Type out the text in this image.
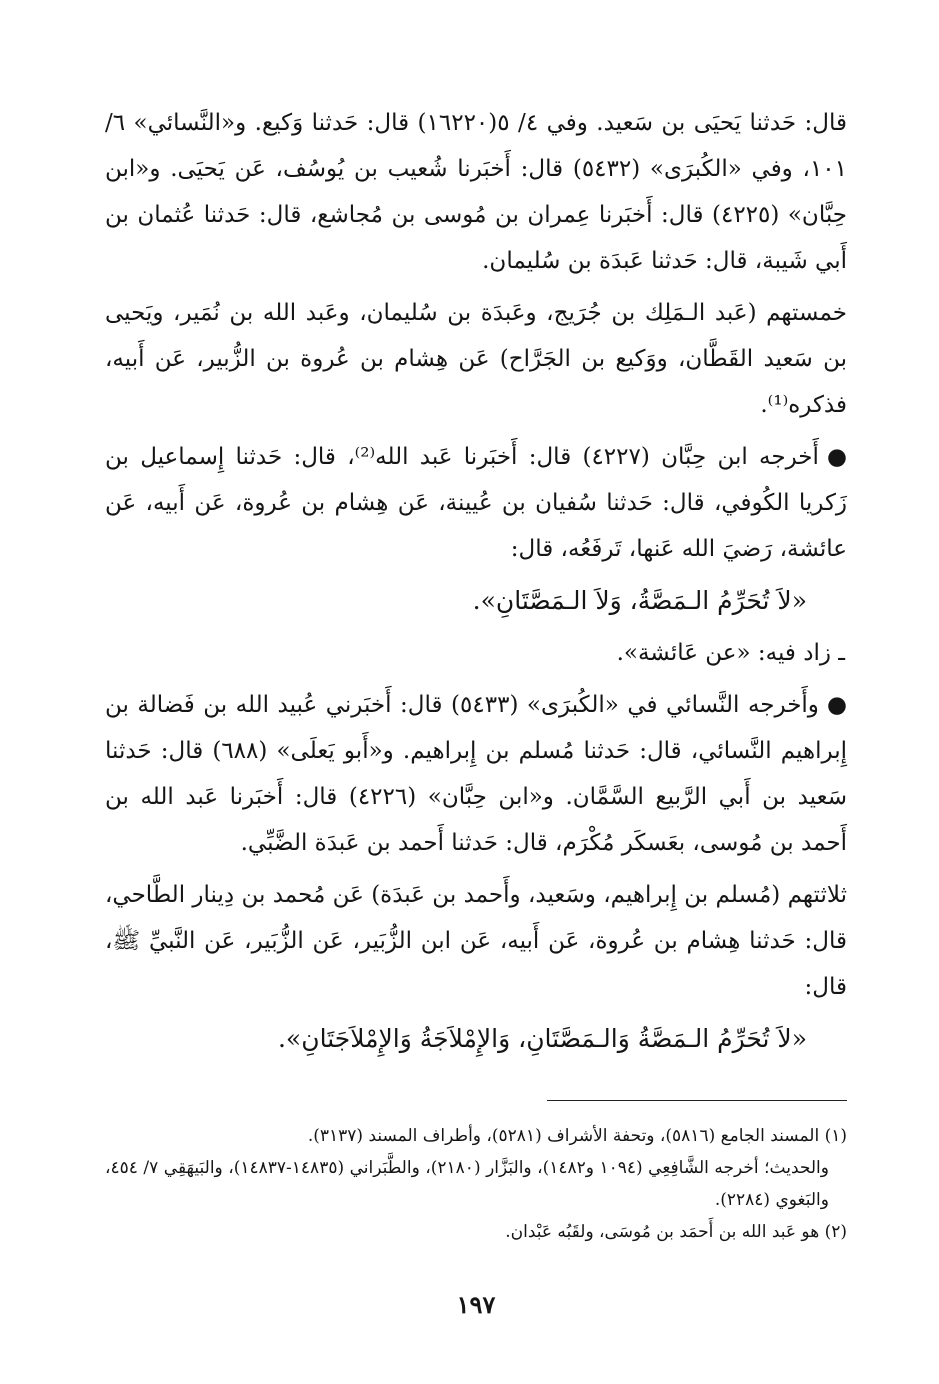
قال: حَدثنا يَحيَى بن سَعيد. وفي ٤/ ٥(١٦٢٢٠) قال: حَدثنا وَكيع. و«النَّسائي» ٦/ ١٠١، وفي «الكُبرَى» (٥٤٣٢) قال: أَخبَرنا شُعيب بن يُوسُف، عَن يَحيَى. و«ابن حِبَّان» (٤٢٢٥) قال: أَخبَرنا عِمران بن مُوسى بن مُجاشع، قال: حَدثنا عُثمان بن أَبي شَيبة، قال: حَدثنا عَبدَة بن سُليمان.

خمستهم (عَبد الـمَلِك بن جُرَيج، وعَبدَة بن سُليمان، وعَبد الله بن نُمَير، ويَحيى بن سَعيد القَطَّان، ووَكيع بن الجَرَّاح) عَن هِشام بن عُروة بن الزُّبير، عَن أَبيه، فذكره⁽¹⁾.

●أَخرجه ابن حِبَّان (٤٢٢٧) قال: أَخبَرنا عَبد الله⁽²⁾، قال: حَدثنا إِسماعيل بن زَكريا الكُوفي، قال: حَدثنا سُفيان بن عُيينة، عَن هِشام بن عُروة، عَن أَبيه، عَن عائشة، رَضيَ الله عَنها، تَرفَعُه، قال:

«لاَ تُحَرِّمُ الـمَصَّةُ، وَلاَ الـمَصَّتَانِ».

ـ زاد فيه: «عن عَائشة».

●وأَخرجه النَّسائي في «الكُبرَى» (٥٤٣٣) قال: أَخبَرني عُبيد الله بن فَضالة بن إِبراهيم النَّسائي، قال: حَدثنا مُسلم بن إِبراهيم. و«أَبو يَعلَى» (٦٨٨) قال: حَدثنا سَعيد بن أَبي الرَّبيع السَّمَّان. و«ابن حِبَّان» (٤٢٢٦) قال: أَخبَرنا عَبد الله بن أَحمد بن مُوسى، بعَسكَر مُكْرَم، قال: حَدثنا أَحمد بن عَبدَة الضَّبِّي.

ثلاثتهم (مُسلم بن إِبراهيم، وسَعيد، وأَحمد بن عَبدَة) عَن مُحمد بن دِينار الطَّاحي، قال: حَدثنا هِشام بن عُروة، عَن أَبيه، عَن ابن الزُّبَير، عَن الزُّبَير، عَن النَّبيِّ ﷺ، قال:

«لاَ تُحَرِّمُ الـمَصَّةُ وَالـمَصَّتَانِ، وَالإِمْلاَجَةُ وَالإِمْلاَجَتَانِ».

(١) المسند الجامع (٥٨١٦)، وتحفة الأشراف (٥٢٨١)، وأطراف المسند (٣١٣٧).

والحديث؛ أخرجه الشَّافِعِي (١٠٩٤ و١٤٨٢)، والبَزَّار (٢١٨٠)، والطَّبَراني (١٤٨٣٥-١٤٨٣٧)، والبَيهَقِي ٧/ ٤٥٤، والبَغوي (٢٢٨٤).

(٢) هو عَبد الله بن أَحمَد بن مُوسَى، ولقَبُه عَبْدان.

١٩٧
